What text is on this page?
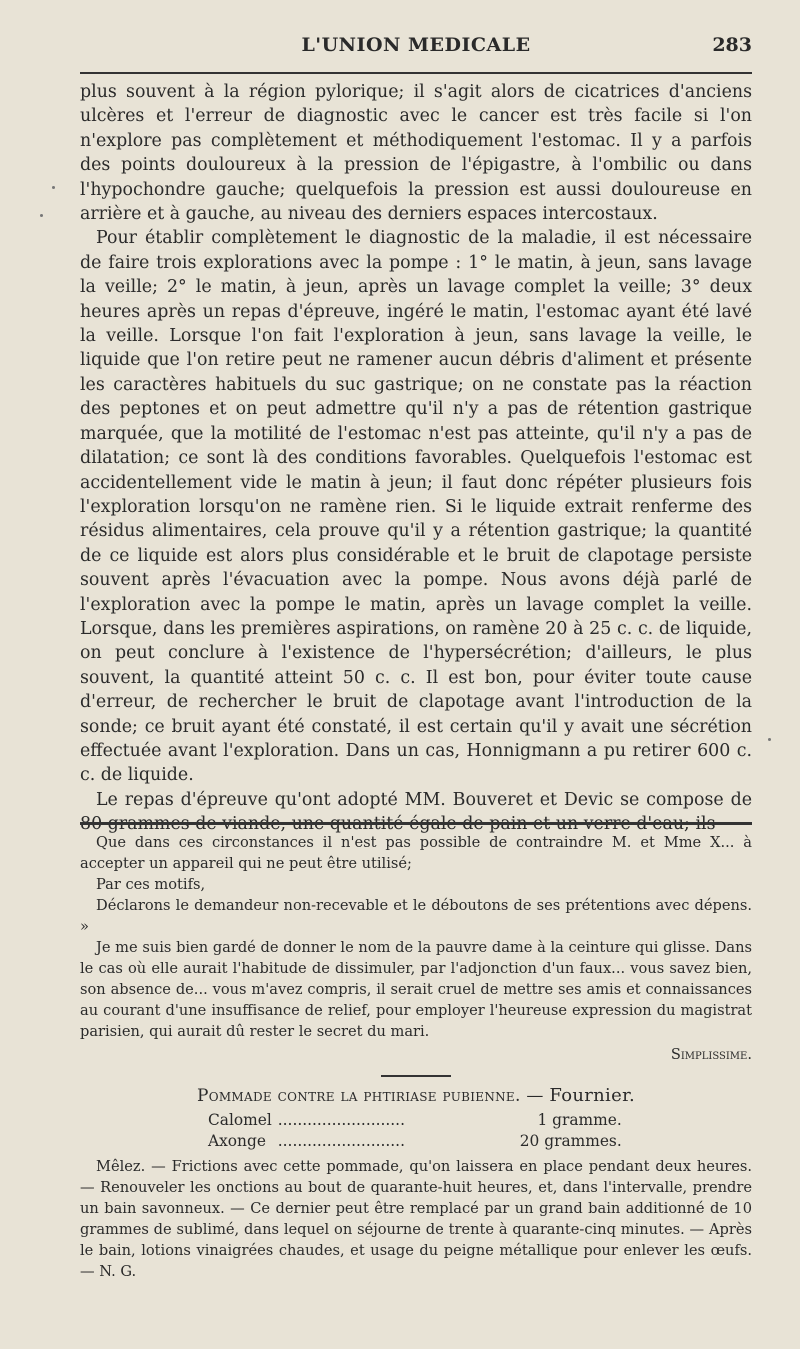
L'UNION MEDICALE	283

plus souvent à la région pylorique; il s'agit alors de cicatrices d'anciens ulcères et l'erreur de diagnostic avec le cancer est très facile si l'on n'explore pas complètement et méthodiquement l'estomac. Il y a parfois des points douloureux à la pression de l'épigastre, à l'ombilic ou dans l'hypochondre gauche; quelquefois la pression est aussi douloureuse en arrière et à gauche, au niveau des derniers espaces intercostaux.

Pour établir complètement le diagnostic de la maladie, il est nécessaire de faire trois explorations avec la pompe : 1° le matin, à jeun, sans lavage la veille; 2° le matin, à jeun, après un lavage complet la veille; 3° deux heures après un repas d'épreuve, ingéré le matin, l'estomac ayant été lavé la veille. Lorsque l'on fait l'exploration à jeun, sans lavage la veille, le liquide que l'on retire peut ne ramener aucun débris d'aliment et présente les caractères habituels du suc gastrique; on ne constate pas la réaction des peptones et on peut admettre qu'il n'y a pas de rétention gastrique marquée, que la motilité de l'estomac n'est pas atteinte, qu'il n'y a pas de dilatation; ce sont là des conditions favorables. Quelquefois l'estomac est accidentellement vide le matin à jeun; il faut donc répéter plusieurs fois l'exploration lorsqu'on ne ramène rien. Si le liquide extrait renferme des résidus alimentaires, cela prouve qu'il y a rétention gastrique; la quantité de ce liquide est alors plus considérable et le bruit de clapotage persiste souvent après l'évacuation avec la pompe. Nous avons déjà parlé de l'exploration avec la pompe le matin, après un lavage complet la veille. Lorsque, dans les premières aspirations, on ramène 20 à 25 c. c. de liquide, on peut conclure à l'existence de l'hypersécrétion; d'ailleurs, le plus souvent, la quantité atteint 50 c. c. Il est bon, pour éviter toute cause d'erreur, de rechercher le bruit de clapotage avant l'introduction de la sonde; ce bruit ayant été constaté, il est certain qu'il y avait une sécrétion effectuée avant l'exploration. Dans un cas, Honnigmann a pu retirer 600 c. c. de liquide.

Le repas d'épreuve qu'ont adopté MM. Bouveret et Devic se compose de 80 grammes de viande, une quantité égale de pain et un verre d'eau; ils

Que dans ces circonstances il n'est pas possible de contraindre M. et Mme X... à accepter un appareil qui ne peut être utilisé;

Par ces motifs,

Déclarons le demandeur non-recevable et le déboutons de ses prétentions avec dépens. »

Je me suis bien gardé de donner le nom de la pauvre dame à la ceinture qui glisse. Dans le cas où elle aurait l'habitude de dissimuler, par l'adjonction d'un faux... vous savez bien, son absence de... vous m'avez compris, il serait cruel de mettre ses amis et connaissances au courant d'une insuffisance de relief, pour employer l'heureuse expression du magistrat parisien, qui aurait dû rester le secret du mari.

Simplissime.
Pommade contre la phtiriase pubienne. — Fournier.
Calomel	..........................	1 gramme.
Axonge	..........................	20 grammes.

Mêlez. — Frictions avec cette pommade, qu'on laissera en place pendant deux heures. — Renouveler les onctions au bout de quarante-huit heures, et, dans l'intervalle, prendre un bain savonneux. — Ce dernier peut être remplacé par un grand bain additionné de 10 grammes de sublimé, dans lequel on séjourne de trente à quarante-cinq minutes. — Après le bain, lotions vinaigrées chaudes, et usage du peigne métallique pour enlever les œufs. — N. G.
